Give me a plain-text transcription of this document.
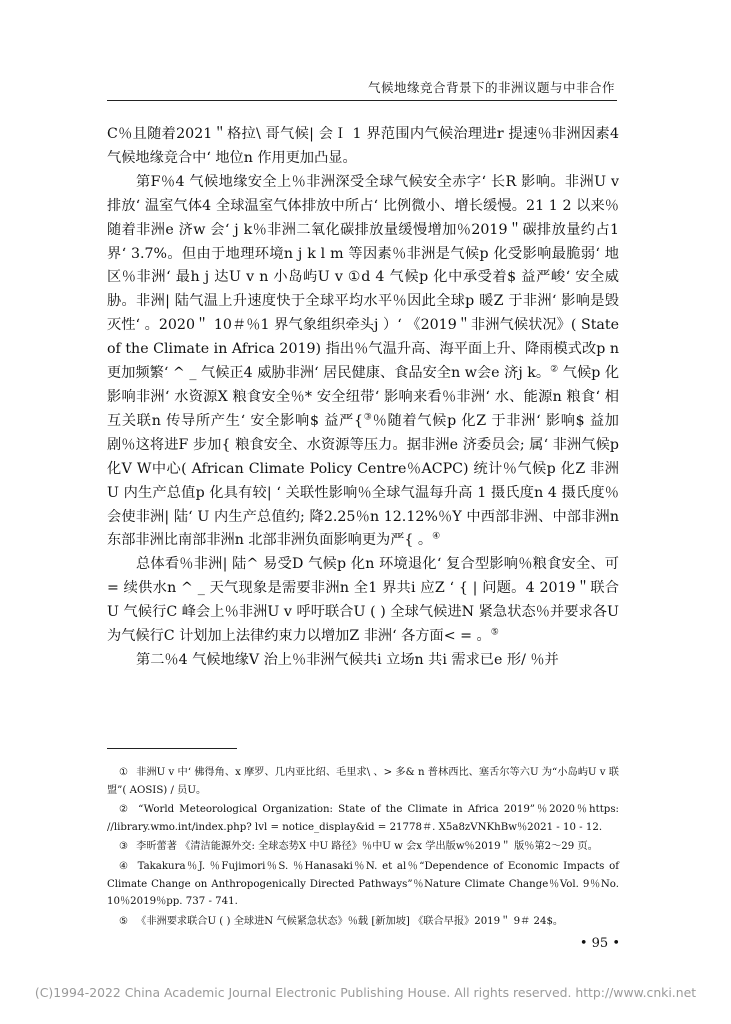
气候地缘竞合背景下的非洲议题与中非合作

C％且随着2021＂格拉\ 哥气候| 会Ｉ 1 界范围内气候治理进r 提速％非洲因素4 气候地缘竞合中‘ 地位n 作用更加凸显。

第F％4 气候地缘安全上％非洲深受全球气候安全赤字‘ 长R 影响。非洲U v 排放‘ 温室气体4 全球温室气体排放中所占‘ 比例微小、增长缓慢。21 1 2 以来％随着非洲e 济w 会‘ j k％非洲二氧化碳排放量缓慢增加％2019＂碳排放量约占1 界‘ 3.7%。但由于地理环境n j k l m 等因素％非洲是气候p 化受影响最脆弱‘ 地区％非洲‘ 最h j 达U v n 小岛屿U v ①d 4 气候p 化中承受着$ 益严峻‘ 安全威胁。非洲| 陆气温上升速度快于全球平均水平％因此全球p 暖Z 于非洲‘ 影响是毁灭性‘ 。2020＂ 10＃％1 界气象组织牵头j ）‘ 《2019＂非洲气候状况》( State of the Climate in Africa 2019) 指出％气温升高、海平面上升、降雨模式改p n 更加频繁‘ ^ _ 气候正4 威胁非洲‘ 居民健康、食品安全n w会e 济j k。② 气候p 化影响非洲‘ 水资源X 粮食安全％* 安全纽带‘ 影响来看％非洲‘ 水、能源n 粮食‘ 相互关联n 传导所产生‘ 安全影响$ 益严{③％随着气候p 化Z 于非洲‘ 影响$ 益加剧％这将进F 步加{ 粮食安全、水资源等压力。据非洲e 济委员会; 属‘ 非洲气候p 化V W中心( African Climate Policy Centre％ACPC) 统计％气候p 化Z 非洲U 内生产总值p 化具有较| ‘ 关联性影响％全球气温每升高 1 摄氏度n 4 摄氏度％会使非洲| 陆‘ U 内生产总值约; 降2.25％n 12.12%％Y 中西部非洲、中部非洲n 东部非洲比南部非洲n 北部非洲负面影响更为严{ 。④

总体看％非洲| 陆^ 易受D 气候p 化n 环境退化‘ 复合型影响％粮食安全、可= 续供水n ^ _ 天气现象是需要非洲n 全1 界共i 应Z ‘ { | 问题。4 2019＂联合U 气候行C 峰会上％非洲U v 呼吁联合U ( ) 全球气候进N 紧急状态％并要求各U 为气候行C 计划加上法律约束力以增加Z 非洲‘ 各方面< = 。⑤

第二％4 气候地缘V 治上％非洲气候共i 立场n 共i 需求已e 形/ ％并

① 非洲U v 中‘ 佛得角、x 摩罗、几内亚比绍、毛里求\ 、> 多& n 普林西比、塞舌尔等六U 为“小岛屿U v 联盟”( AOSIS) / 员U。

② “World Meteorological Organization: State of the Climate in Africa 2019”％2020％https: //library.wmo.int/index.php? lvl = notice_display&id = 21778＃. X5a8zVNKhBw％2021 - 10 - 12.

③ 李昕蕾著 《清洁能源外交: 全球态势X 中U 路径》％中U w 会x 学出版w％2019＂ 版％第2～29 页。

④ Takakura％J. ％Fujimori％S. ％Hanasaki％N. et al％“Dependence of Economic Impacts of Climate Change on Anthropogenically Directed Pathways”％Nature Climate Change％Vol. 9％No. 10％2019％pp. 737 - 741.

⑤ 《非洲要求联合U ( ) 全球进N 气候紧急状态》％载 [新加坡] 《联合早报》2019＂ 9＃ 24$。

• 95 •
(C)1994-2022 China Academic Journal Electronic Publishing House. All rights reserved. http://www.cnki.net
